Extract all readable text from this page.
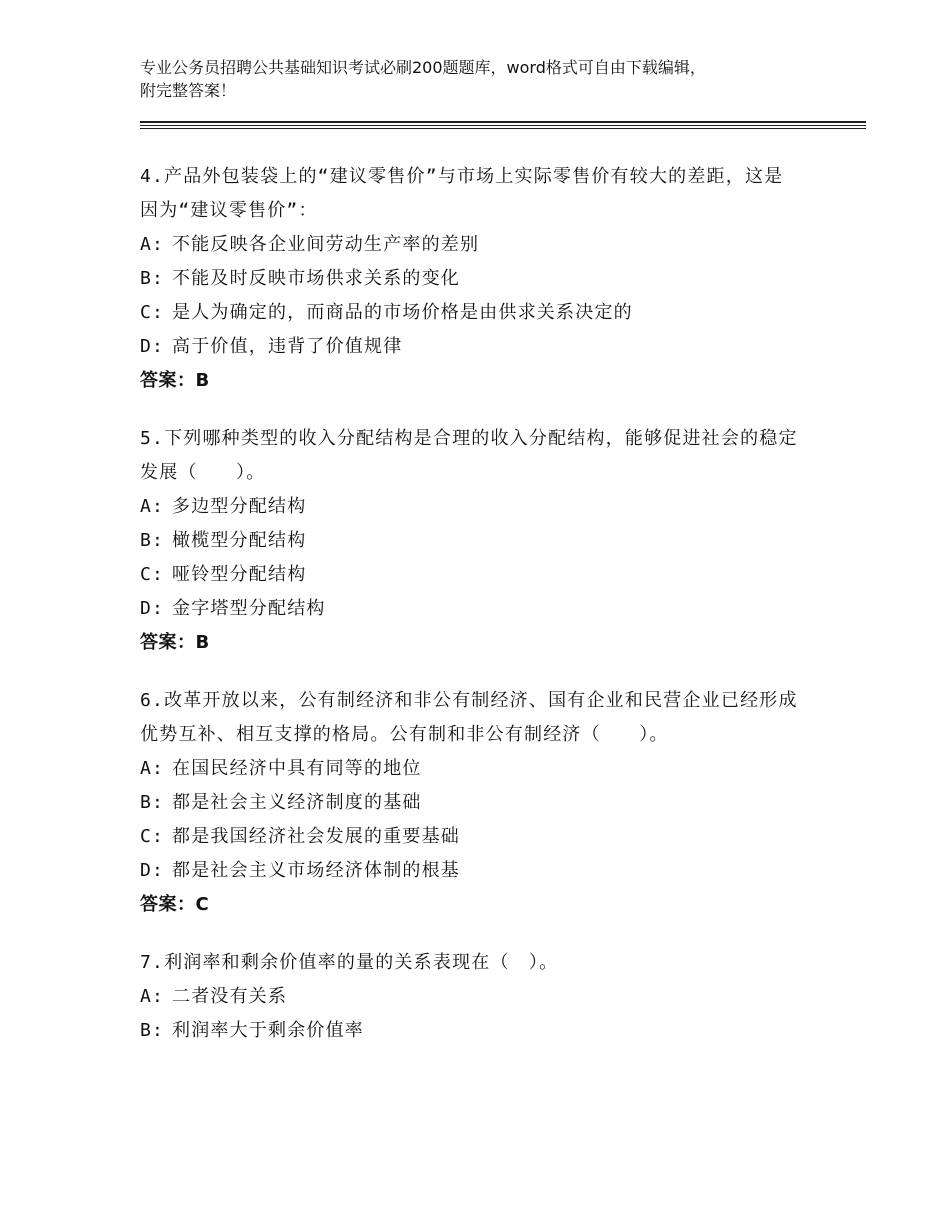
专业公务员招聘公共基础知识考试必刷200题题库，word格式可自由下载编辑，
附完整答案！
4.产品外包装袋上的“建议零售价”与市场上实际零售价有较大的差距，这是因为“建议零售价”：
A: 不能反映各企业间劳动生产率的差别
B: 不能及时反映市场供求关系的变化
C: 是人为确定的，而商品的市场价格是由供求关系决定的
D: 高于价值，违背了价值规律
答案：B
5.下列哪种类型的收入分配结构是合理的收入分配结构，能够促进社会的稳定发展（　　）。
A: 多边型分配结构
B: 橄榄型分配结构
C: 哑铃型分配结构
D: 金字塔型分配结构
答案：B
6.改革开放以来，公有制经济和非公有制经济、国有企业和民营企业已经形成优势互补、相互支撑的格局。公有制和非公有制经济（　　）。
A: 在国民经济中具有同等的地位
B: 都是社会主义经济制度的基础
C: 都是我国经济社会发展的重要基础
D: 都是社会主义市场经济体制的根基
答案：C
7.利润率和剩余价值率的量的关系表现在（　）。
A: 二者没有关系
B: 利润率大于剩余价值率
